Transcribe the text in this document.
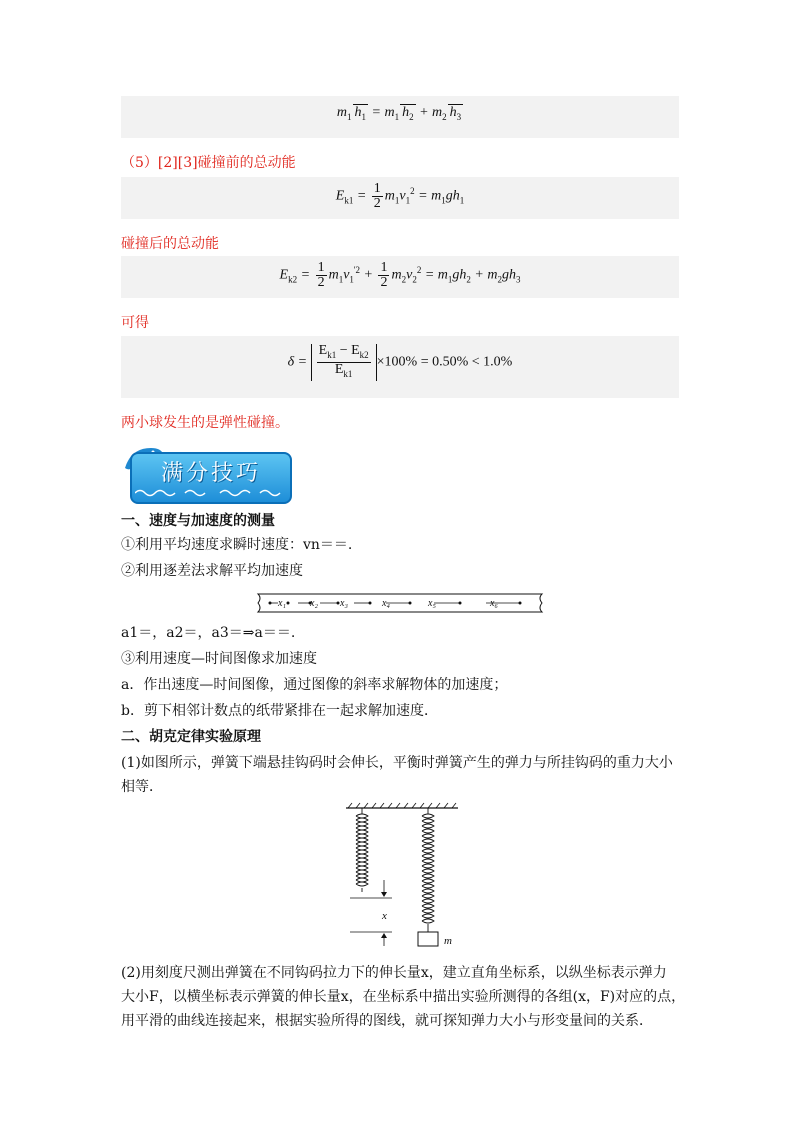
$m_1$ $h_1 = m_1$ $h_2 + m_2$ $h_3$
（5）[2][3]碰撞前的总动能
$E_{k1} = \frac{1}{2} m_1v_1^2 = m_1gh_1$
碰撞后的总动能
$E_{k2} = \frac{1}{2} m_1v_1^{'2} + \frac{1}{2} m_2v_2^2 = m_1gh_2 + m_2gh_3$
可得
$\delta = \frac{E_{k1} - E_{k2}}{E_{k1}} \times 100\% = 0.50\% < 1.0\%$
两小球发生的是弹性碰撞。
满分技巧
一、速度与加速度的测量
①利用平均速度求瞬时速度：vn＝＝.
②利用逐差法求解平均加速度
x₁ x₂ x₃	x₄	x₅	x₆
a1＝，a2＝，a3＝⇒a＝＝.
③利用速度—时间图像求加速度
a．作出速度—时间图像，通过图像的斜率求解物体的加速度；
b．剪下相邻计数点的纸带紧排在一起求解加速度．
二、胡克定律实验原理
(1)如图所示，弹簧下端悬挂钩码时会伸长，平衡时弹簧产生的弹力与所挂钩码的重力大小
相等．
x
m
(2)用刻度尺测出弹簧在不同钩码拉力下的伸长量x，建立直角坐标系，以纵坐标表示弹力
大小F，以横坐标表示弹簧的伸长量x，在坐标系中描出实验所测得的各组(x，F)对应的点，
用平滑的曲线连接起来，根据实验所得的图线，就可探知弹力大小与形变量间的关系．
